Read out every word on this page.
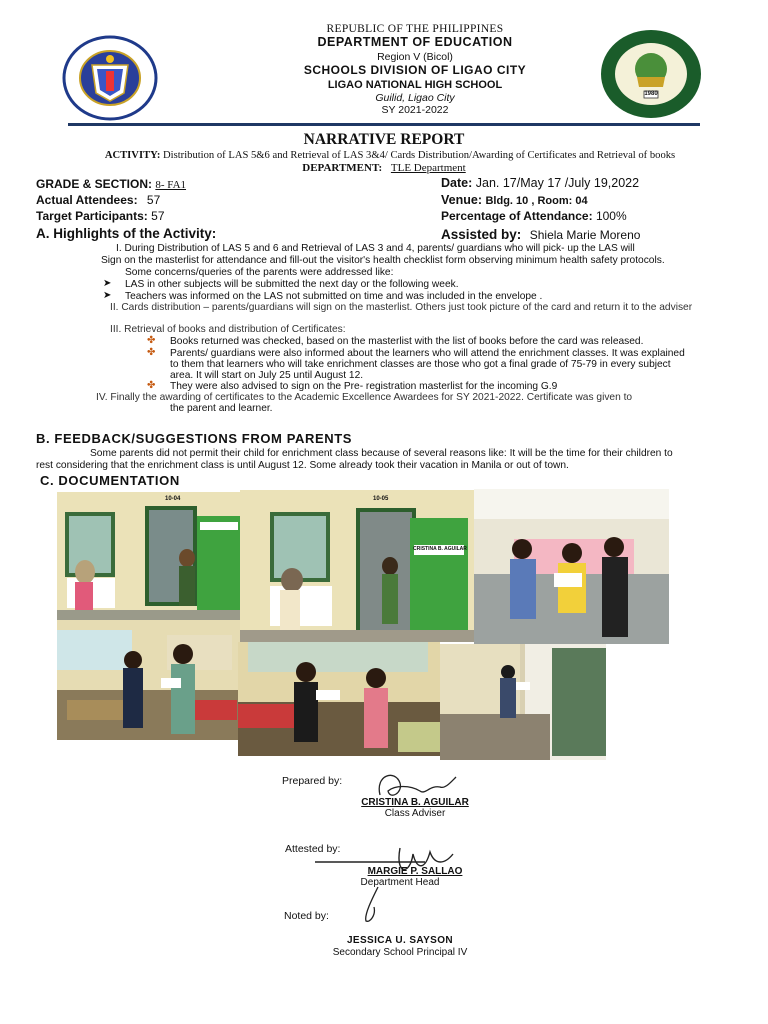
1980
REPUBLIC OF THE PHILIPPINES
DEPARTMENT OF EDUCATION
Region V (Bicol)
SCHOOLS DIVISION OF LIGAO CITY
LIGAO NATIONAL HIGH SCHOOL
Guilid, Ligao City
SY 2021-2022
NARRATIVE REPORT
ACTIVITY: Distribution of LAS 5&6 and Retrieval of LAS 3&4/ Cards Distribution/Awarding of Certificates and Retrieval of books
DEPARTMENT: TLE Department
GRADE & SECTION: 8- FA1
Actual Attendees: 57
Target Participants: 57
Date: Jan. 17/May 17 /July 19,2022
Venue: Bldg. 10 , Room: 04
Percentage of Attendance: 100%
A. Highlights of the Activity:	Assisted by: Shiela Marie Moreno
I. During Distribution of LAS 5 and 6 and Retrieval of LAS 3 and 4, parents/ guardians who will pick- up the LAS will
Sign on the masterlist for attendance and fill-out the visitor's health checklist form observing minimum health safety protocols.
Some concerns/queries of the parents were addressed like:
➤ LAS in other subjects will be submitted the next day or the following week.
➤ Teachers was informed on the LAS not submitted on time and was included in the envelope .
II. Cards distribution – parents/guardians will sign on the masterlist. Others just took picture of the card and return it to the adviser
III. Retrieval of books and distribution of Certificates:
✤ Books returned was checked, based on the masterlist with the list of books before the card was released.
✤ Parents/ guardians were also informed about the learners who will attend the enrichment classes. It was explained
to them that learners who will take enrichment classes are those who got a final grade of 75-79 in every subject
area. It will start on July 25 until August 12.
✤ They were also advised to sign on the Pre- registration masterlist for the incoming G.9
IV. Finally the awarding of certificates to the Academic Excellence Awardees for SY 2021-2022. Certificate was given to
the parent and learner.
B. FEEDBACK/SUGGESTIONS FROM PARENTS
Some parents did not permit their child for enrichment class because of several reasons like: It will be the time for their children to
rest considering that the enrichment class is until August 12. Some already took their vacation in Manila or out of town.
C. DOCUMENTATION
10-04
CRISTINA B. AGUILAR
10-05
Prepared by:
CRISTINA B. AGUILAR
Class Adviser
Attested by:
MARGIE P. SALLAO
Department Head
Noted by:
JESSICA U. SAYSON
Secondary School Principal IV
